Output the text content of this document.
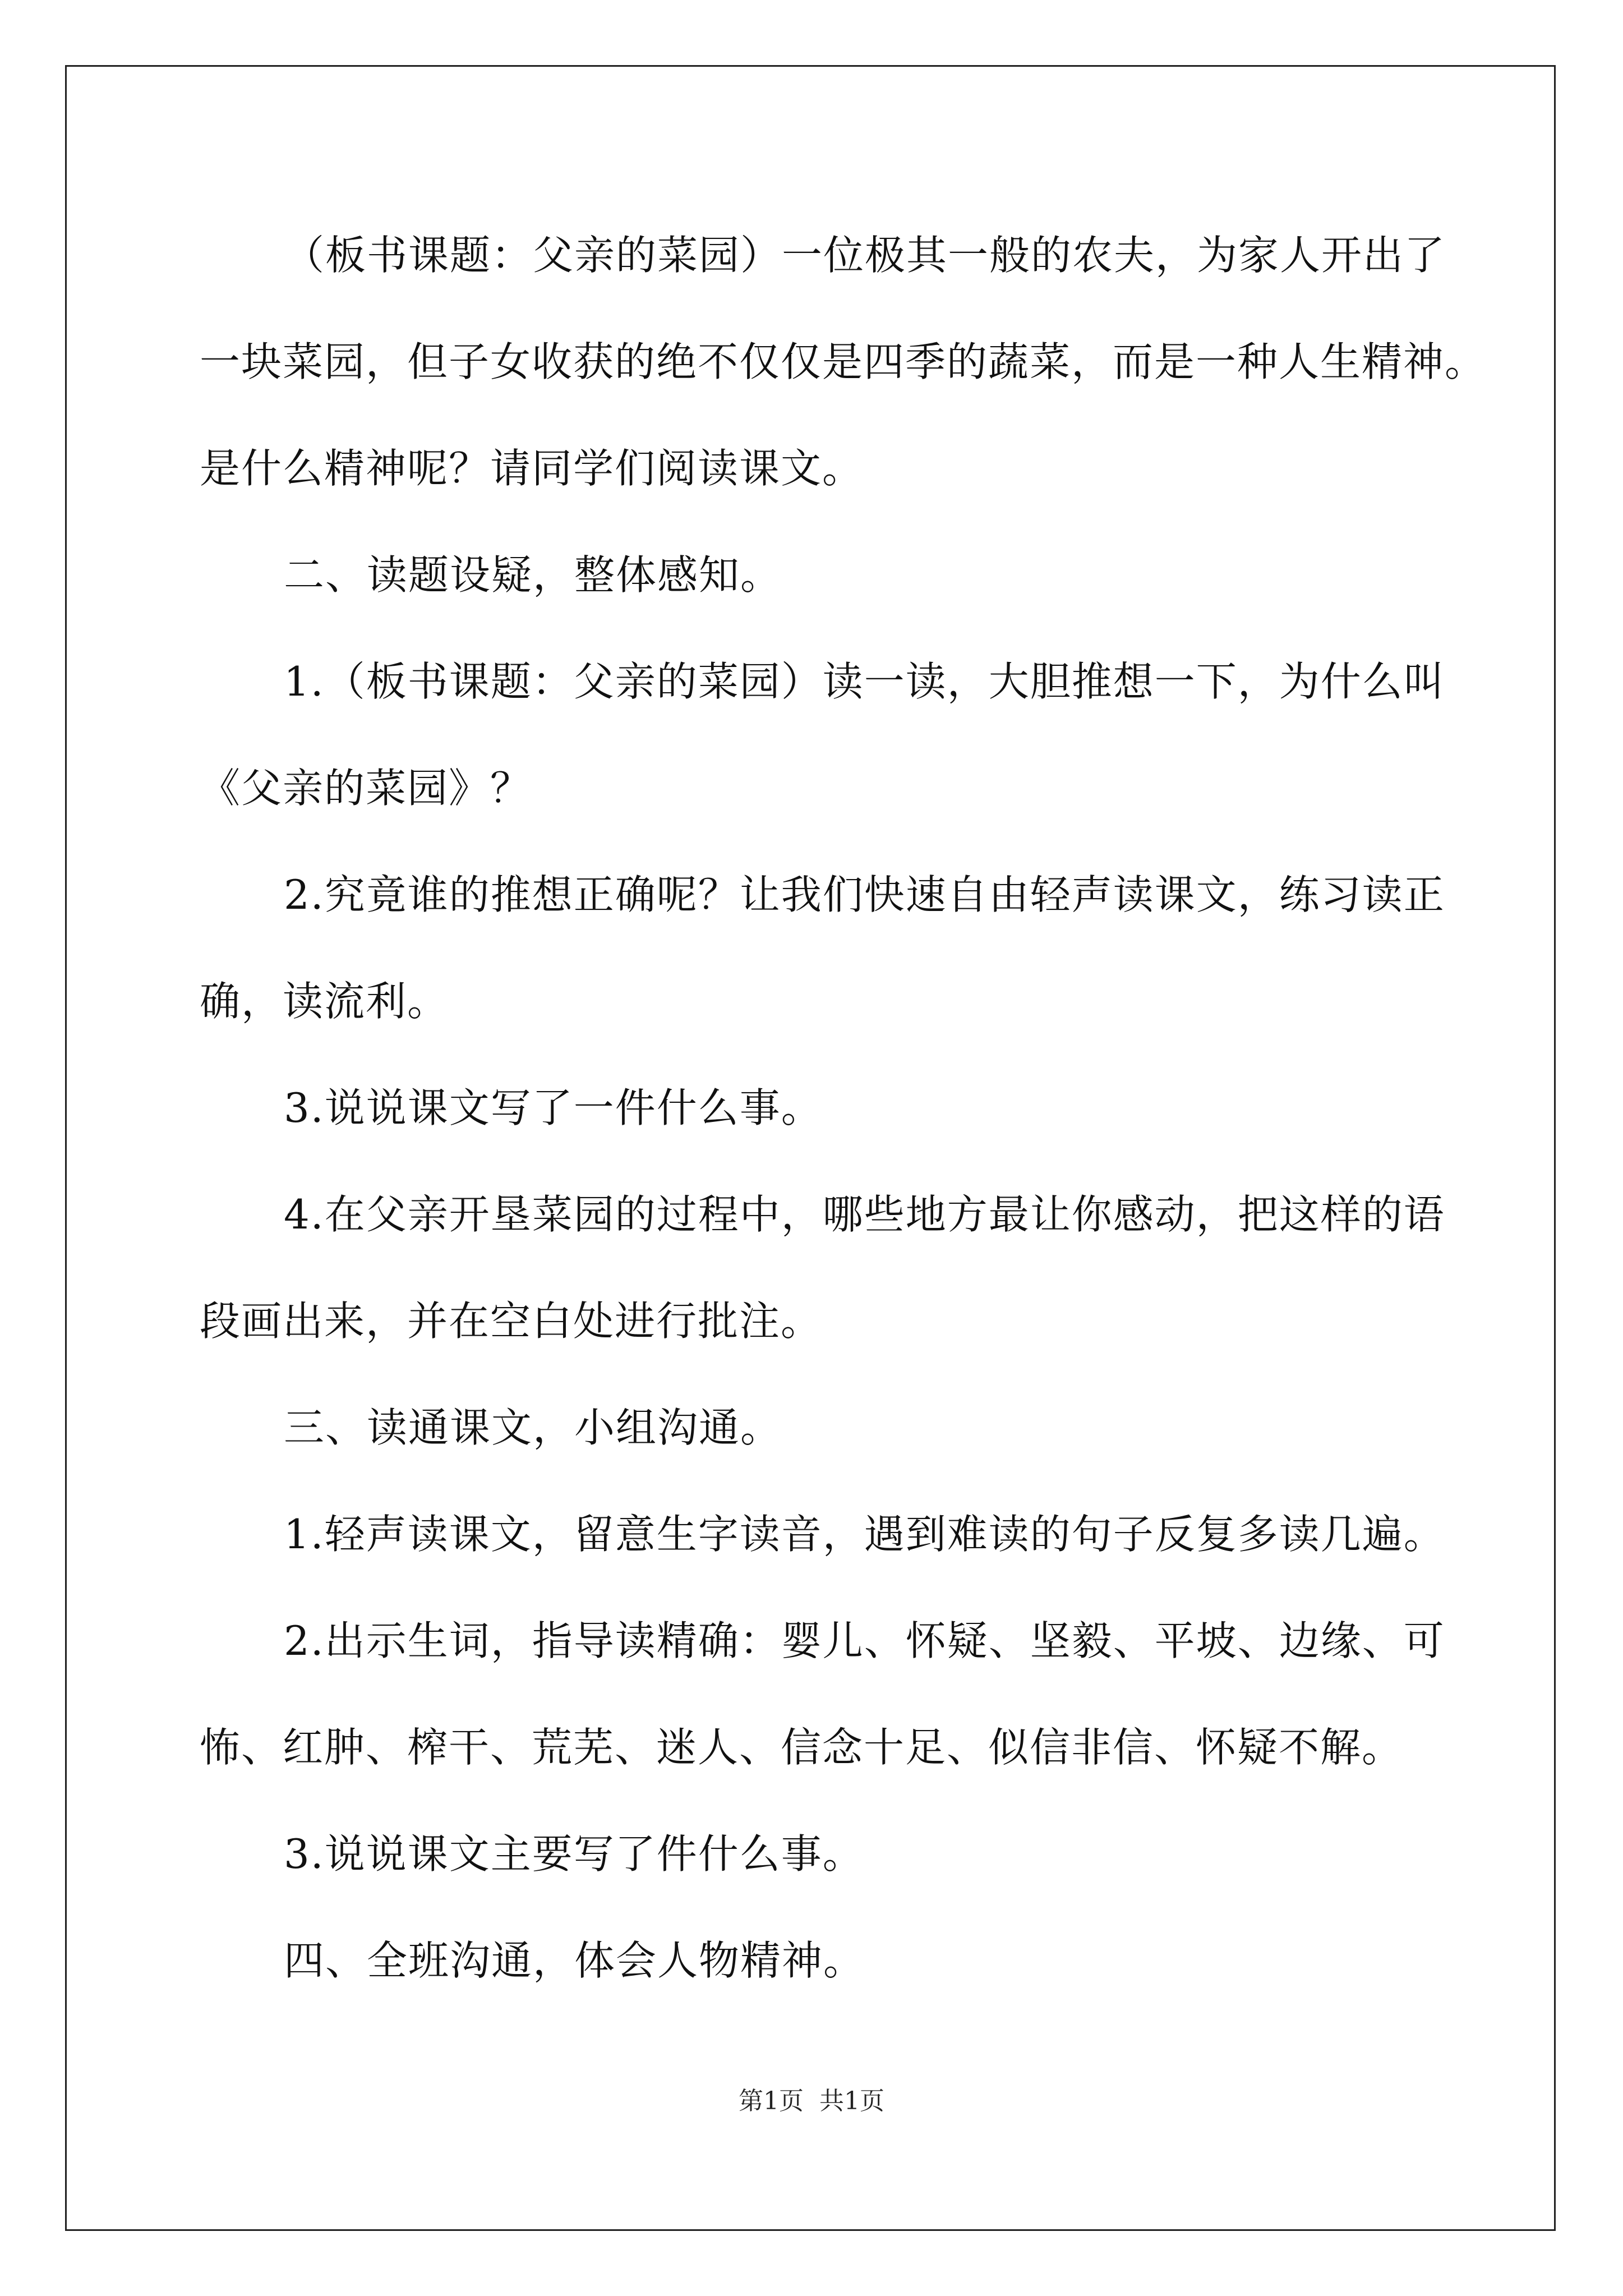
（板书课题：父亲的菜园）一位极其一般的农夫，为家人开出了

一块菜园，但子女收获的绝不仅仅是四季的蔬菜，而是一种人生精神。

是什么精神呢？请同学们阅读课文。

二、读题设疑，整体感知。

1.（板书课题：父亲的菜园）读一读，大胆推想一下，为什么叫

《父亲的菜园》？

2.究竟谁的推想正确呢？让我们快速自由轻声读课文，练习读正

确，读流利。

3.说说课文写了一件什么事。

4.在父亲开垦菜园的过程中，哪些地方最让你感动，把这样的语

段画出来，并在空白处进行批注。

三、读通课文，小组沟通。

1.轻声读课文，留意生字读音，遇到难读的句子反复多读几遍。

2.出示生词，指导读精确：婴儿、怀疑、坚毅、平坡、边缘、可

怖、红肿、榨干、荒芜、迷人、信念十足、似信非信、怀疑不解。

3.说说课文主要写了件什么事。

四、全班沟通，体会人物精神。

第1页 共1页
